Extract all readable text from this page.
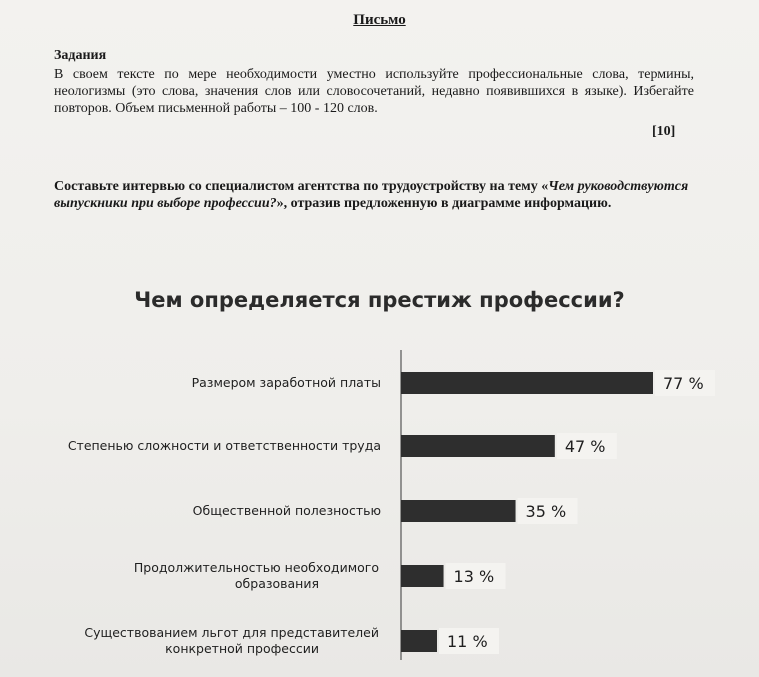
Письмо
Задания
В своем тексте по мере необходимости уместно используйте профессиональные слова, термины, неологизмы (это слова, значения слов или словосочетаний, недавно появившихся в языке). Избегайте повторов. Объем письменной работы – 100 - 120 слов.
[10]
Составьте интервью со специалистом агентства по трудоустройству на тему «Чем руководствуются выпускники при выборе профессии?», отразив предложенную в диаграмме информацию.
Чем определяется престиж профессии?
77 %
Размером заработной платы
47 %
Степенью сложности и ответственности труда
35 %
Общественной полезностью
13 %
Продолжительностью необходимого
образования
11 %
Существованием льгот для представителей
конкретной профессии
